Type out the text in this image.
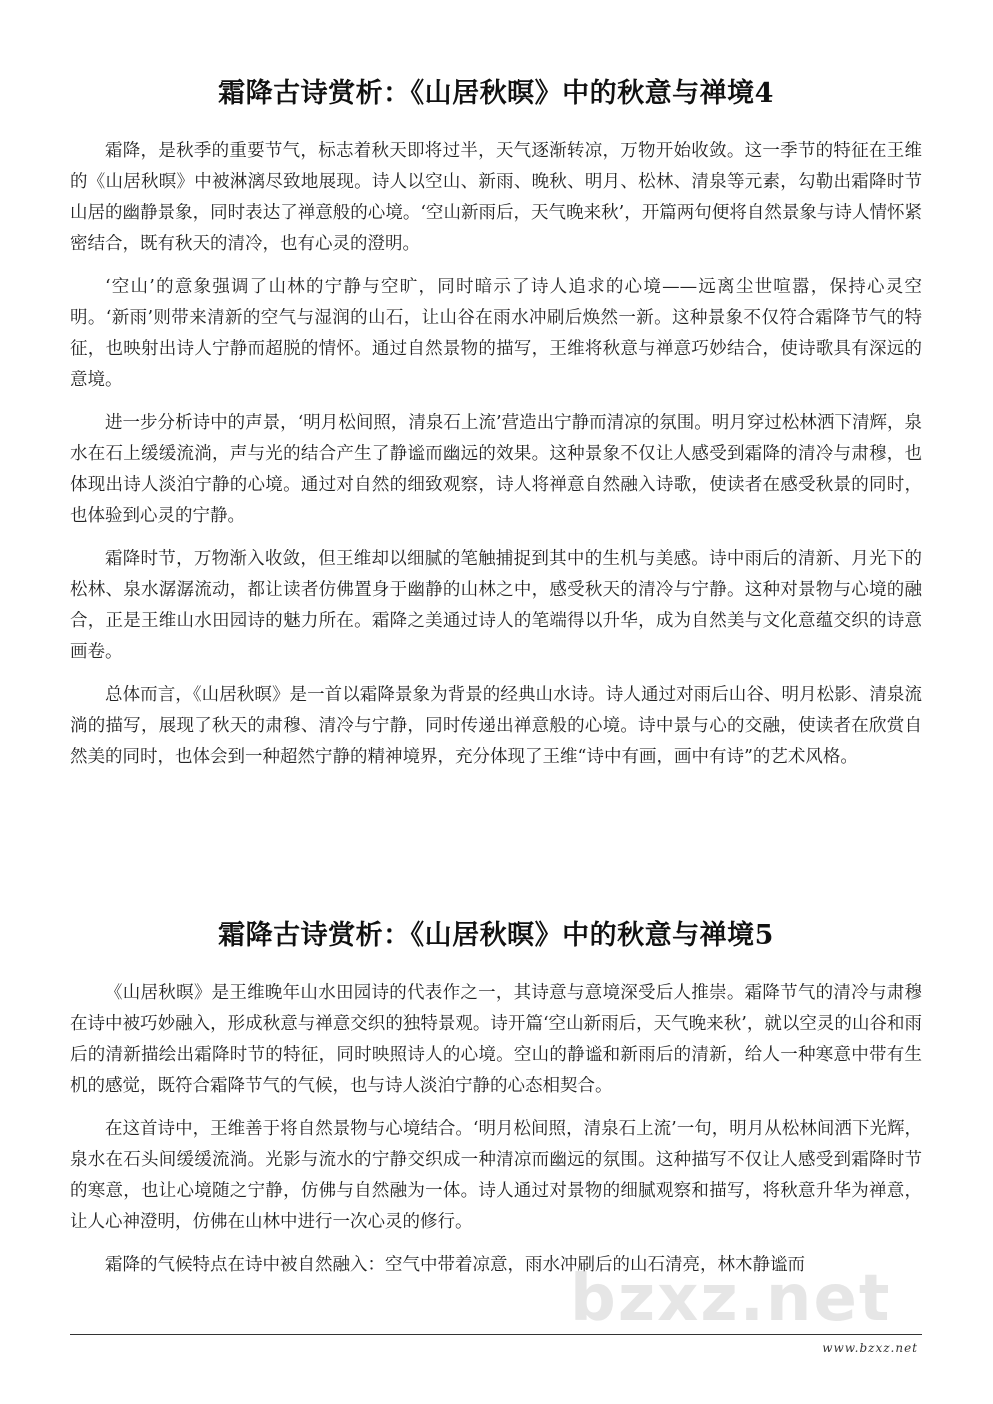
霜降古诗赏析：《山居秋暝》中的秋意与禅境4

霜降，是秋季的重要节气，标志着秋天即将过半，天气逐渐转凉，万物开始收敛。这一季节的特征在王维的《山居秋暝》中被淋漓尽致地展现。诗人以空山、新雨、晚秋、明月、松林、清泉等元素，勾勒出霜降时节山居的幽静景象，同时表达了禅意般的心境。‘空山新雨后，天气晚来秋’，开篇两句便将自然景象与诗人情怀紧密结合，既有秋天的清冷，也有心灵的澄明。

‘空山’的意象强调了山林的宁静与空旷，同时暗示了诗人追求的心境——远离尘世喧嚣，保持心灵空明。‘新雨’则带来清新的空气与湿润的山石，让山谷在雨水冲刷后焕然一新。这种景象不仅符合霜降节气的特征，也映射出诗人宁静而超脱的情怀。通过自然景物的描写，王维将秋意与禅意巧妙结合，使诗歌具有深远的意境。

进一步分析诗中的声景，‘明月松间照，清泉石上流’营造出宁静而清凉的氛围。明月穿过松林洒下清辉，泉水在石上缓缓流淌，声与光的结合产生了静谧而幽远的效果。这种景象不仅让人感受到霜降的清冷与肃穆，也体现出诗人淡泊宁静的心境。通过对自然的细致观察，诗人将禅意自然融入诗歌，使读者在感受秋景的同时，也体验到心灵的宁静。

霜降时节，万物渐入收敛，但王维却以细腻的笔触捕捉到其中的生机与美感。诗中雨后的清新、月光下的松林、泉水潺潺流动，都让读者仿佛置身于幽静的山林之中，感受秋天的清冷与宁静。这种对景物与心境的融合，正是王维山水田园诗的魅力所在。霜降之美通过诗人的笔端得以升华，成为自然美与文化意蕴交织的诗意画卷。

总体而言，《山居秋暝》是一首以霜降景象为背景的经典山水诗。诗人通过对雨后山谷、明月松影、清泉流淌的描写，展现了秋天的肃穆、清冷与宁静，同时传递出禅意般的心境。诗中景与心的交融，使读者在欣赏自然美的同时，也体会到一种超然宁静的精神境界，充分体现了王维“诗中有画，画中有诗”的艺术风格。

霜降古诗赏析：《山居秋暝》中的秋意与禅境5

《山居秋暝》是王维晚年山水田园诗的代表作之一，其诗意与意境深受后人推崇。霜降节气的清冷与肃穆在诗中被巧妙融入，形成秋意与禅意交织的独特景观。诗开篇‘空山新雨后，天气晚来秋’，就以空灵的山谷和雨后的清新描绘出霜降时节的特征，同时映照诗人的心境。空山的静谧和新雨后的清新，给人一种寒意中带有生机的感觉，既符合霜降节气的气候，也与诗人淡泊宁静的心态相契合。

在这首诗中，王维善于将自然景物与心境结合。‘明月松间照，清泉石上流’一句，明月从松林间洒下光辉，泉水在石头间缓缓流淌。光影与流水的宁静交织成一种清凉而幽远的氛围。这种描写不仅让人感受到霜降时节的寒意，也让心境随之宁静，仿佛与自然融为一体。诗人通过对景物的细腻观察和描写，将秋意升华为禅意，让人心神澄明，仿佛在山林中进行一次心灵的修行。

霜降的气候特点在诗中被自然融入：空气中带着凉意，雨水冲刷后的山石清亮，林木静谧而

bzxz.net
www.bzxz.net
